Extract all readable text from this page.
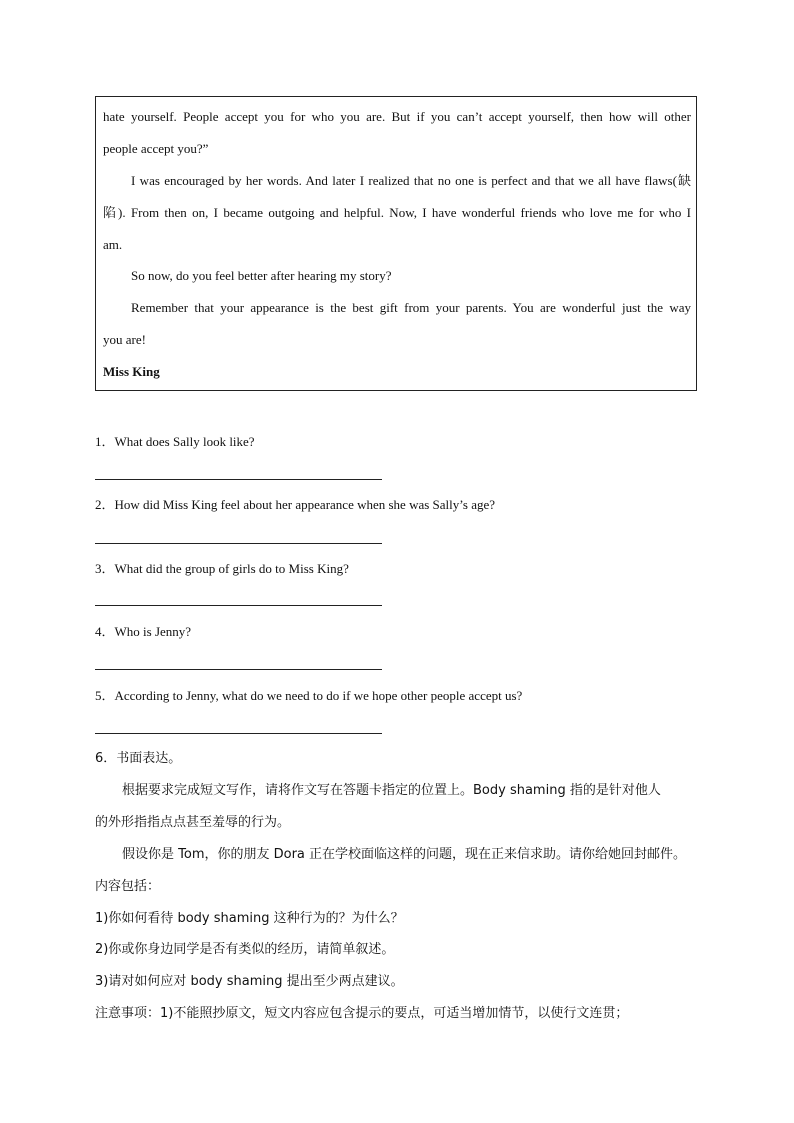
hate yourself. People accept you for who you are. But if you can’t accept yourself, then how will other
people accept you?”
I was encouraged by her words. And later I realized that no one is perfect and that we all have flaws(缺
陷). From then on, I became outgoing and helpful. Now, I have wonderful friends who love me for who I
am.
So now, do you feel better after hearing my story?
Remember that your appearance is the best gift from your parents. You are wonderful just the way
you are!
Miss King
1．What does Sally look like?
2．How did Miss King feel about her appearance when she was Sally’s age?
3．What did the group of girls do to Miss King?
4．Who is Jenny?
5．According to Jenny, what do we need to do if we hope other people accept us?
6．书面表达。
根据要求完成短文写作，请将作文写在答题卡指定的位置上。Body shaming 指的是针对他人
的外形指指点点甚至羞辱的行为。
假设你是 Tom，你的朋友 Dora 正在学校面临这样的问题，现在正来信求助。请你给她回封邮件。
内容包括：
1)你如何看待 body shaming 这种行为的？为什么？
2)你或你身边同学是否有类似的经历，请简单叙述。
3)请对如何应对 body shaming 提出至少两点建议。
注意事项：1)不能照抄原文，短文内容应包含提示的要点，可适当增加情节，以使行文连贯；
